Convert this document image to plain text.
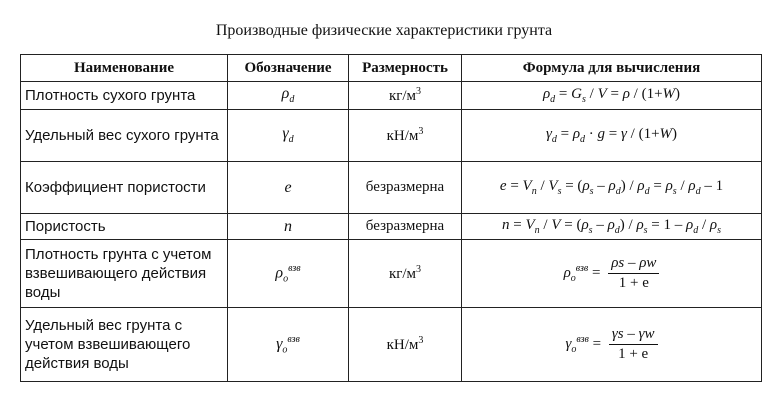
Производные физические характеристики грунта
Наименование	Обозначение	Размерность	Формула для вычисления
Плотность сухого грунта	$\rho_d$	$кг/м^3$	$\rho_d = G_s / V = \rho / (1+W)$
Удельный вес сухого грунта	$\gamma_d$	$кН/м^3$	$\gamma_d = \rho_d \cdot g = \gamma / (1+W)$
Коэффициент пористости	e	безразмерна	$e = V_n / V_s = (\rho_s - \rho_d) / \rho_d = \rho_s / \rho_d - 1$
Пористость	n	безразмерна	$n = V_n / V = (\rho_s - \rho_d) / \rho_s = 1 - \rho_d / \rho_s$
Плотность грунта с учетом взвешивающего действия воды	$\rho_o^{взв}$	$кг/м^3$	$\rho_o^{взв} = \frac{\rho s - \rho w}{1 + e}$

Удельный вес грунта с учетом взвешивающего действия воды	$\gamma_o^{взв}$	$кН/м^3$	$\gamma_o^{взв} = \frac{\gamma s - \gamma w}{1 + e}$
